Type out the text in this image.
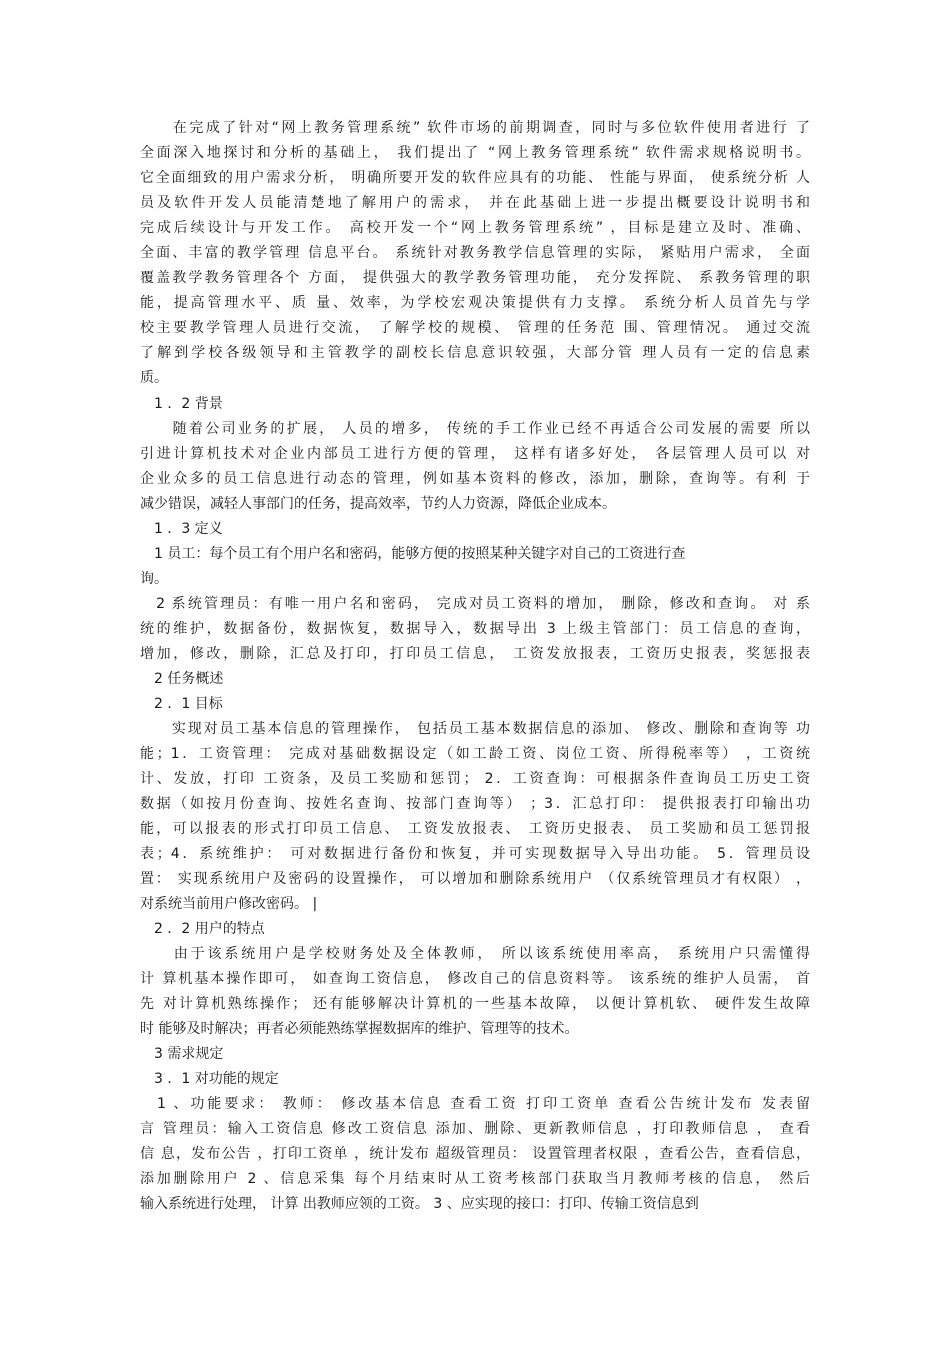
　　在完成了针对“网上教务管理系统” 软件市场的前期调查，同时与多位软件使用者进行 了
全面深入地探讨和分析的基础上， 我们提出了 “网上教务管理系统” 软件需求规格说明书。
它全面细致的用户需求分析， 明确所要开发的软件应具有的功能、 性能与界面， 使系统分析 人
员及软件开发人员能清楚地了解用户的需求， 并在此基础上进一步提出概要设计说明书和
完成后续设计与开发工作。 高校开发一个“网上教务管理系统” ，目标是建立及时、准确、
全面、丰富的教学管理 信息平台。 系统针对教务教学信息管理的实际， 紧贴用户需求， 全面
覆盖教学教务管理各个 方面， 提供强大的教学教务管理功能， 充分发挥院、 系教务管理的职
能，提高管理水平、质 量、效率，为学校宏观决策提供有力支撑。 系统分析人员首先与学
校主要教学管理人员进行交流， 了解学校的规模、 管理的任务范 围、管理情况。 通过交流
了解到学校各级领导和主管教学的副校长信息意识较强，大部分管 理人员有一定的信息素
质。
　1 ．2 背景
　　随着公司业务的扩展， 人员的增多， 传统的手工作业已经不再适合公司发展的需要 所以
引进计算机技术对企业内部员工进行方便的管理， 这样有诸多好处， 各层管理人员可以 对
企业众多的员工信息进行动态的管理，例如基本资料的修改，添加，删除，查询等。有利 于
减少错误，减轻人事部门的任务，提高效率，节约人力资源，降低企业成本。
　1 ．3 定义
　1 员工：每个员工有个用户名和密码，能够方便的按照某种关键字对自己的工资进行查
询。
　2 系统管理员：有唯一用户名和密码， 完成对员工资料的增加， 删除，修改和查询。 对 系
统的维护，数据备份，数据恢复，数据导入，数据导出 3 上级主管部门：员工信息的查询，
增加，修改，删除，汇总及打印，打印员工信息， 工资发放报表，工资历史报表，奖惩报表
　2 任务概述
　2 ．1 目标
　　实现对员工基本信息的管理操作， 包括员工基本数据信息的添加、 修改、删除和查询等 功
能；1．工资管理： 完成对基础数据设定（如工龄工资、岗位工资、所得税率等） ，工资统
计、发放，打印 工资条，及员工奖励和惩罚； 2．工资查询：可根据条件查询员工历史工资
数据（如按月份查询、按姓名查询、按部门查询等） ；3．汇总打印： 提供报表打印输出功
能，可以报表的形式打印员工信息、 工资发放报表、 工资历史报表、 员工奖励和员工惩罚报
表；4．系统维护： 可对数据进行备份和恢复，并可实现数据导入导出功能。 5．管理员设
置： 实现系统用户及密码的设置操作， 可以增加和删除系统用户 （仅系统管理员才有权限） ，
对系统当前用户修改密码。 |
　2 ．2 用户的特点
　　由于该系统用户是学校财务处及全体教师， 所以该系统使用率高， 系统用户只需懂得
计 算机基本操作即可， 如查询工资信息， 修改自己的信息资料等。 该系统的维护人员需， 首
先 对计算机熟练操作； 还有能够解决计算机的一些基本故障， 以便计算机软、 硬件发生故障
时 能够及时解决；再者必须能熟练掌握数据库的维护、管理等的技术。
　3 需求规定
　3 ．1 对功能的规定
　1 、功能要求： 教师： 修改基本信息 查看工资 打印工资单 查看公告统计发布 发表留
言 管理员：输入工资信息 修改工资信息 添加、删除、更新教师信息 ，打印教师信息 ， 查看
信 息，发布公告 ，打印工资单 ，统计发布 超级管理员： 设置管理者权限 ，查看公告，查看信息，
添加删除用户 2 、信息采集 每个月结束时从工资考核部门获取当月教师考核的信息， 然后
输入系统进行处理， 计算 出教师应领的工资。 3 、应实现的接口：打印、传输工资信息到
